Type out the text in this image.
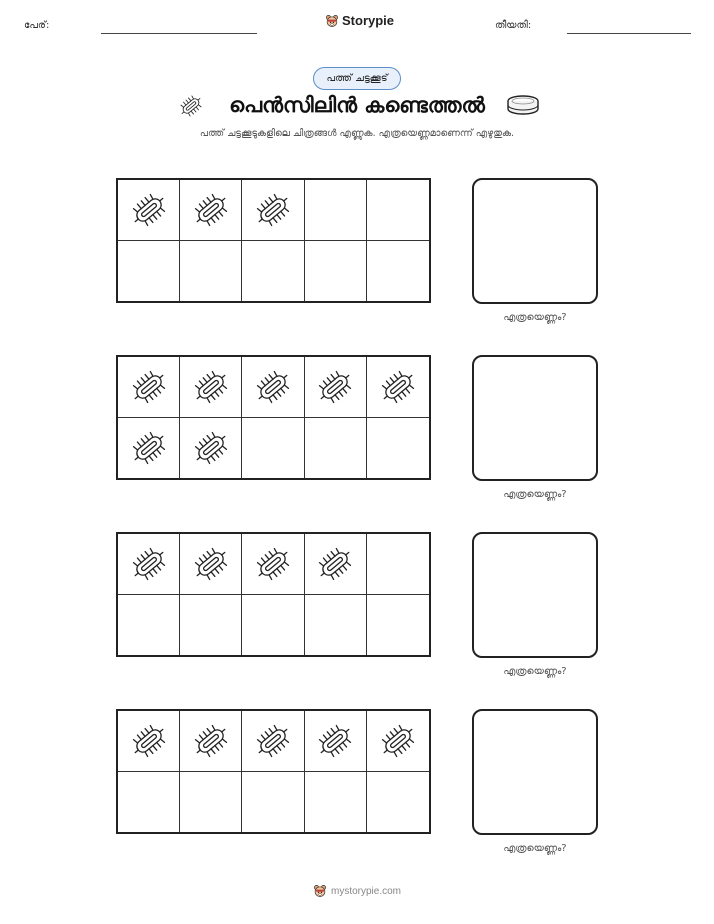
പേര്:	Storypie	തീയതി:
പത്ത് ചട്ടക്കൂട്
പെൻസിലിൻ കണ്ടെത്തൽ
പത്ത് ചട്ടക്കൂടുകളിലെ ചിത്രങ്ങൾ എണ്ണുക. എത്രയെണ്ണമാണെന്ന് എഴുതുക.
എത്രയെണ്ണം?
എത്രയെണ്ണം?
എത്രയെണ്ണം?
എത്രയെണ്ണം?
mystorypie.com
